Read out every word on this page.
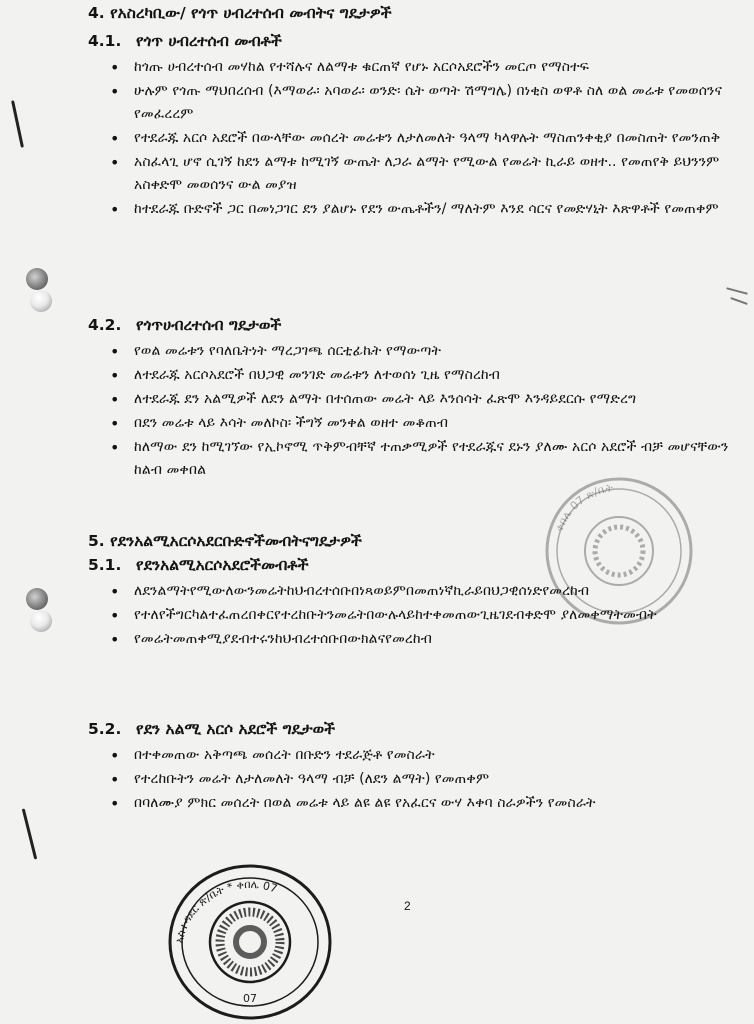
4. የአስረካቢው/ የጎጥ ሀብረተሰብ መብትና ግዴታዎች
4.1. የጎጥ ሀብረተሰብ መብቶች
• ከጎጡ ሀብረተሰብ መሃከል የተሻሉና ለልማቱ ቁርጠኛ የሆኑ አርሶአደሮችን መርጦ የማስተፍ
• ሁሉም የጎጡ ማህበረሰብ (እማወራ፡ አባወራ፡ ወንድ፡ ሴት ወጣት ሽማግሌ) በነቂስ ወዋቶ ስለ ወል መሬቱ የመወሰንና የመፈረረም
• የተደራጁ አርሶ አደሮች በውላቸው መሰረት መሬቱን ለታለመለት ዓላማ ካላዋሉት ማስጠንቀቂያ በመስጠት የመንጠቅ
• አስፈላጊ ሆኖ ሲገኝ ከደን ልማቱ ከሚገኝ ውጤት ለጋራ ልማት የሚውል የመሬት ኪራይ ወዘተ.. የመጠየቅ ይህንንም አስቀድሞ መወሰንና ውል መያዝ
• ከተደራጁ ቡድኖች ጋር በመነጋገር ደን ያልሆኑ የደን ውጤቶችን/ ማለትም እንደ ሳርና የመድሃኒት እጽዋቶች የመጠቀም
4.2. የጎጥሀብረተሰብ ግዴታወች
• የወል መሬቱን የባለቤትነት ማረጋገጫ ሰርቲፊኬት የማውጣት
• ለተደራጁ አርሶአደሮች በህጋዊ መንገድ መሬቱን ለተወሰነ ጊዜ የማስረከብ
• ለተደራጁ ደን አልሚዎች ለደን ልማት በተሰጠው መሬት ላይ እንሰሳት ፈጽሞ እንዳይደርሱ የማድረግ
• በደን መሬቱ ላይ እሳት መለኮስ፡ ችግኝ መንቀል ወዘተ መቆጠብ
• ከለማው ደን ከሚገኘው የኢኮኖሚ ጥቅምብቸኛ ተጠቃሚዎች የተደራጁና ደኑን ያለሙ አርሶ አደሮች ብቻ መሆናቸውን ከልብ መቀበል
5. የደንአልሚአርሶአደርቡድኖችመብትናግዴታዎች
5.1. የደንአልሚአርሶአደሮችመብቶች
• ለደንልማትየሚውለውንመሬትከህብረተሰቡበነጻወይምበመጠነኛኪራይበህጋዊሰነድየመረከብ
• የተለየችግርካልተፈጠረበቀርየተረከቡትንመሬትበውሉላይከተቀመጠውጊዜገደብቀድሞ ያለመቀማትመብት
• የመሬትመጠቀሚያደብተሩንከህብረተሰቡበውክልናየመረከብ
5.2. የደን አልሚ አርሶ አደሮች ግዴታወች
• በተቀመጠው አቅጣጫ መሰረት በቡድን ተደራጅቶ የመስራት
• የተረከቡትን መሬት ለታለመለት ዓላማ ብቻ (ለደን ልማት) የመጠቀም
• በባለሙያ ምክር መሰረት በወል መሬቱ ላይ ልዩ ልዩ የአፈርና ውሃ እቀባ ስራዎችን የመስራት
ቀበሌ 07 ጽ/ቤት
አስተዳደር ጽ/ቤት * ቀበሌ 07
07
2
